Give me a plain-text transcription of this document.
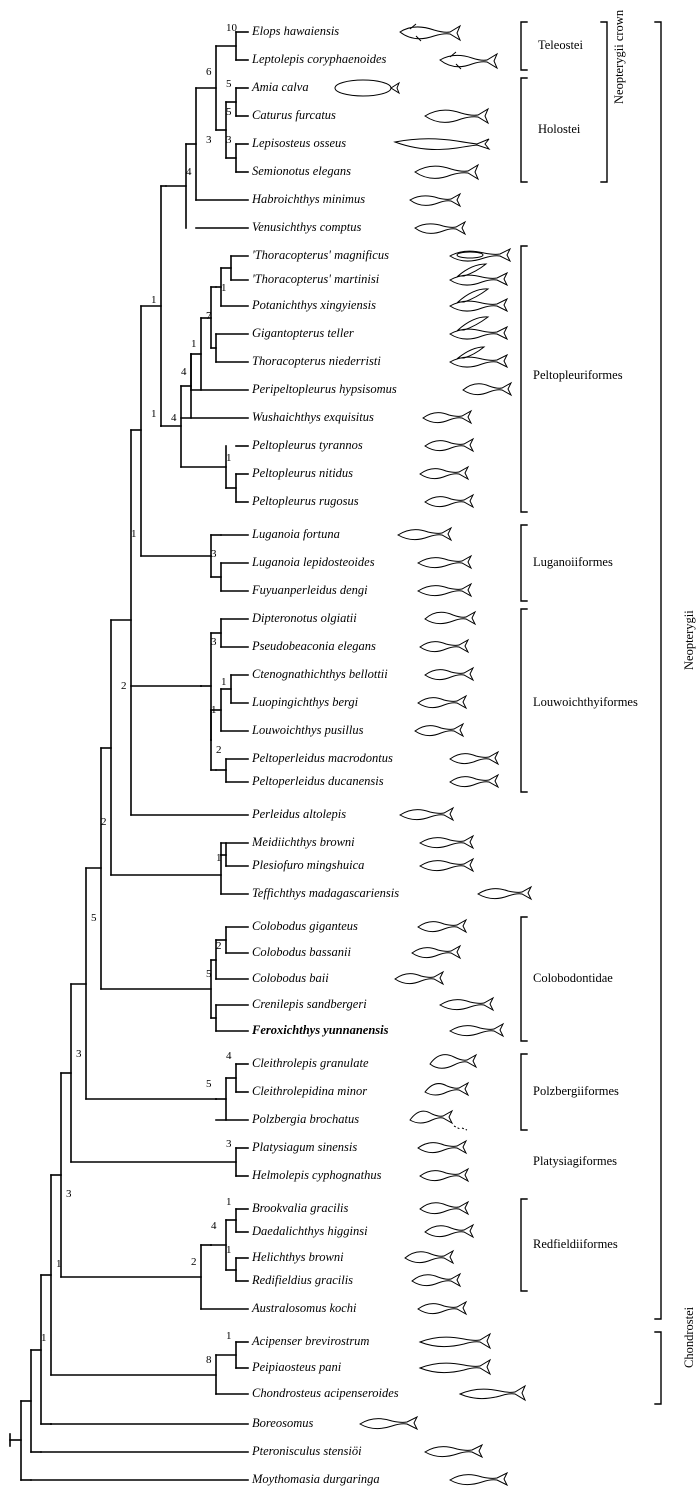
Elops hawaiensis
Leptolepis coryphaenoides
Amia calva
Caturus furcatus
Lepisosteus osseus
Semionotus elegans
Habroichthys minimus
Venusichthys comptus
'Thoracopterus' magnificus
'Thoracopterus' martinisi
Potanichthys xingyiensis
Gigantopterus teller
Thoracopterus niederristi
Peripeltopleurus hypsisomus
Wushaichthys exquisitus
Peltopleurus tyrannos
Peltopleurus nitidus
Peltopleurus rugosus
Luganoia fortuna
Luganoia lepidosteoides
Fuyuanperleidus dengi
Dipteronotus olgiatii
Pseudobeaconia elegans
Ctenognathichthys bellottii
Luopingichthys bergi
Louwoichthys pusillus
Peltoperleidus macrodontus
Peltoperleidus ducanensis
Perleidus altolepis
Meidiichthys browni
Plesiofuro mingshuica
Teffichthys madagascariensis
Colobodus giganteus
Colobodus bassanii
Colobodus baii
Crenilepis sandbergeri
Feroxichthys yunnanensis
Cleithrolepis granulate
Cleithrolepidina minor
Polzbergia brochatus
Platysiagum sinensis
Helmolepis cyphognathus
Brookvalia gracilis
Daedalichthys higginsi
Helichthys browni
Redifieldius gracilis
Australosomus kochi
Acipenser brevirostrum
Peipiaosteus pani
Chondrosteus acipenseroides
Boreosomus
Pteronisculus stensiöi
Moythomasia durgaringa
10
6
5
5
3 3
4
1
1
7
1
4
4
1
1
1
3
2
3
1
1
2
2
1
5
2
5
3	4
5
3
3
1
4
1
2
1
1
8
1
Teleostei
Holostei
Peltopleuriformes
Luganoiiformes
Louwoichthyiformes
Colobodontidae
Polzbergiiformes
Platysiagiformes
Redfieldiiformes
Neopterygii crown
Neopterygii
Chondrostei
